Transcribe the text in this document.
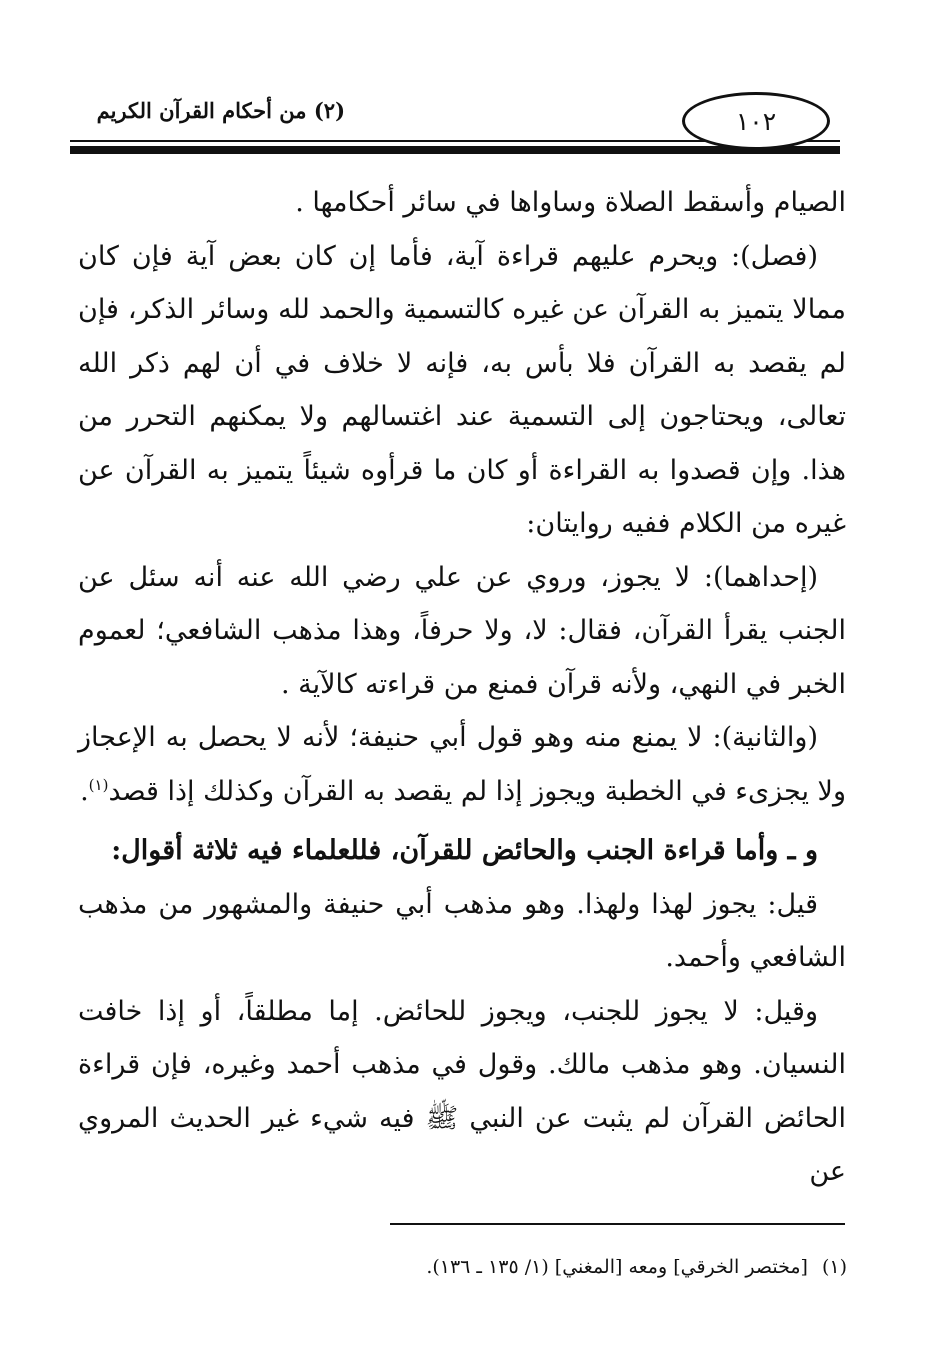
١٠٢
(٢) من أحكام القرآن الكريم

الصيام وأسقط الصلاة وساواها في سائر أحكامها .

(فصل): ويحرم عليهم قراءة آية، فأما إن كان بعض آية فإن كان ممالا يتميز به القرآن عن غيره كالتسمية والحمد لله وسائر الذكر، فإن لم يقصد به القرآن فلا بأس به، فإنه لا خلاف في أن لهم ذكر الله تعالى، ويحتاجون إلى التسمية عند اغتسالهم ولا يمكنهم التحرر من هذا. وإن قصدوا به القراءة أو كان ما قرأوه شيئاً يتميز به القرآن عن غيره من الكلام ففيه روايتان:

(إحداهما): لا يجوز، وروي عن علي رضي الله عنه أنه سئل عن الجنب يقرأ القرآن، فقال: لا، ولا حرفاً، وهذا مذهب الشافعي؛ لعموم الخبر في النهي، ولأنه قرآن فمنع من قراءته كالآية .

(والثانية): لا يمنع منه وهو قول أبي حنيفة؛ لأنه لا يحصل به الإعجاز ولا يجزىء في الخطبة ويجوز إذا لم يقصد به القرآن وكذلك إذا قصد$^{(١)}$.

و ـ وأما قراءة الجنب والحائض للقرآن، فللعلماء فيه ثلاثة أقوال:

قيل: يجوز لهذا ولهذا. وهو مذهب أبي حنيفة والمشهور من مذهب الشافعي وأحمد.

وقيل: لا يجوز للجنب، ويجوز للحائض. إما مطلقاً، أو إذا خافت النسيان. وهو مذهب مالك. وقول في مذهب أحمد وغيره، فإن قراءة الحائض القرآن لم يثبت عن النبي ﷺ فيه شيء غير الحديث المروي عن

(١)[مختصر الخرقي] ومعه [المغني] (١/ ١٣٥ ـ ١٣٦).
